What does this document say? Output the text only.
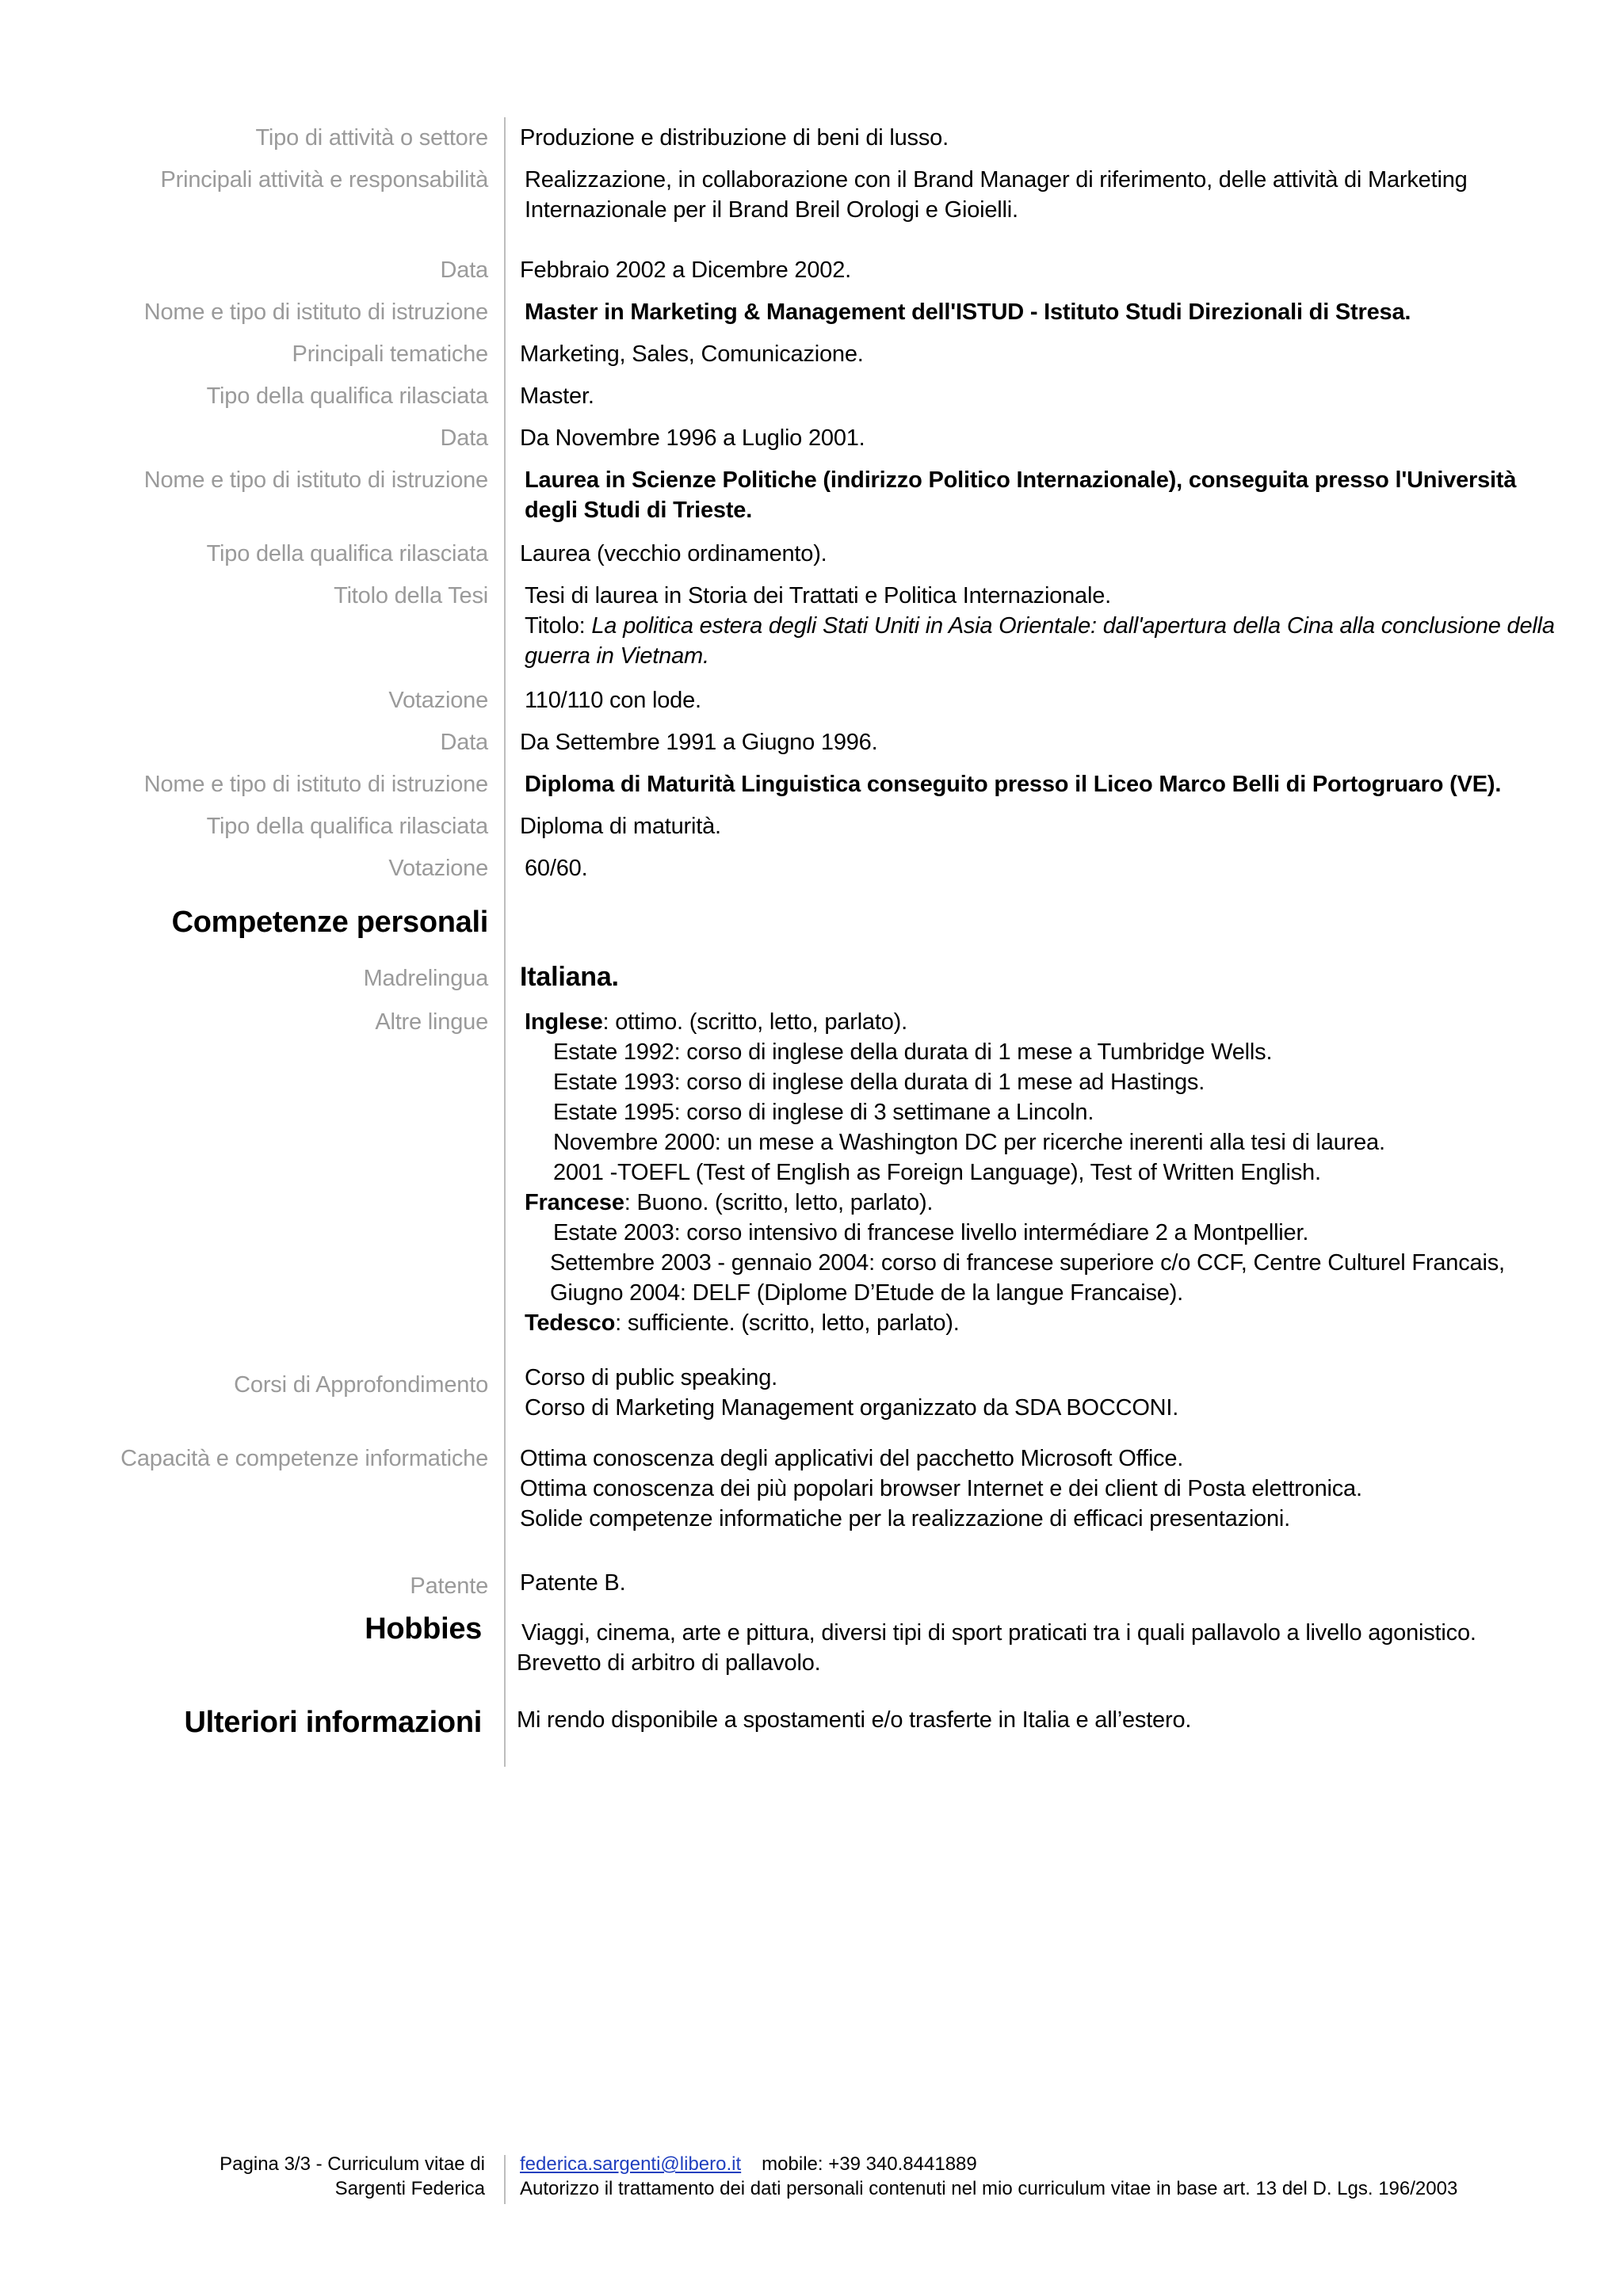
Tipo di attività o settore Produzione e distribuzione di beni di lusso.
Principali attività e responsabilità Realizzazione, in collaborazione con il Brand Manager di riferimento, delle attività di Marketing
Internazionale per il Brand Breil Orologi e Gioielli.
Data Febbraio 2002 a Dicembre 2002.
Nome e tipo di istituto di istruzione Master in Marketing & Management dell'ISTUD - Istituto Studi Direzionali di Stresa.
Principali tematiche Marketing, Sales, Comunicazione.
Tipo della qualifica rilasciata Master.
Data Da Novembre 1996 a Luglio 2001.
Nome e tipo di istituto di istruzione Laurea in Scienze Politiche (indirizzo Politico Internazionale), conseguita presso l'Università
degli Studi di Trieste.
Tipo della qualifica rilasciata Laurea (vecchio ordinamento).
Titolo della Tesi Tesi di laurea in Storia dei Trattati e Politica Internazionale.
Titolo: La politica estera degli Stati Uniti in Asia Orientale: dall'apertura della Cina alla conclusione della
guerra in Vietnam.
Votazione 110/110 con lode.
Data Da Settembre 1991 a Giugno 1996.
Nome e tipo di istituto di istruzione Diploma di Maturità Linguistica conseguito presso il Liceo Marco Belli di Portogruaro (VE).
Tipo della qualifica rilasciata Diploma di maturità.
Votazione 60/60.
Competenze personali
Madrelingua Italiana.
Altre lingue Inglese: ottimo. (scritto, letto, parlato).
Estate 1992: corso di inglese della durata di 1 mese a Tumbridge Wells.
Estate 1993: corso di inglese della durata di 1 mese ad Hastings.
Estate 1995: corso di inglese di 3 settimane a Lincoln.
Novembre 2000: un mese a Washington DC per ricerche inerenti alla tesi di laurea.
2001 -TOEFL (Test of English as Foreign Language), Test of Written English.
Francese: Buono. (scritto, letto, parlato).
Estate 2003: corso intensivo di francese livello intermédiare 2 a Montpellier.
Settembre 2003 - gennaio 2004: corso di francese superiore c/o CCF, Centre Culturel Francais,
Giugno 2004: DELF (Diplome D’Etude de la langue Francaise).
Tedesco: sufficiente. (scritto, letto, parlato).
Corsi di Approfondimento Corso di public speaking.
Corso di Marketing Management organizzato da SDA BOCCONI.
Capacità e competenze informatiche Ottima conoscenza degli applicativi del pacchetto Microsoft Office.
Ottima conoscenza dei più popolari browser Internet e dei client di Posta elettronica.
Solide competenze informatiche per la realizzazione di efficaci presentazioni.
Patente Patente B.
Hobbies Viaggi, cinema, arte e pittura, diversi tipi di sport praticati tra i quali pallavolo a livello agonistico.
Brevetto di arbitro di pallavolo.
Ulteriori informazioni Mi rendo disponibile a spostamenti e/o trasferte in Italia e all’estero.
Pagina 3/3 - Curriculum vitae di
Sargenti Federica
federica.sargenti@libero.it mobile: +39 340.8441889
Autorizzo il trattamento dei dati personali contenuti nel mio curriculum vitae in base art. 13 del D. Lgs. 196/2003
